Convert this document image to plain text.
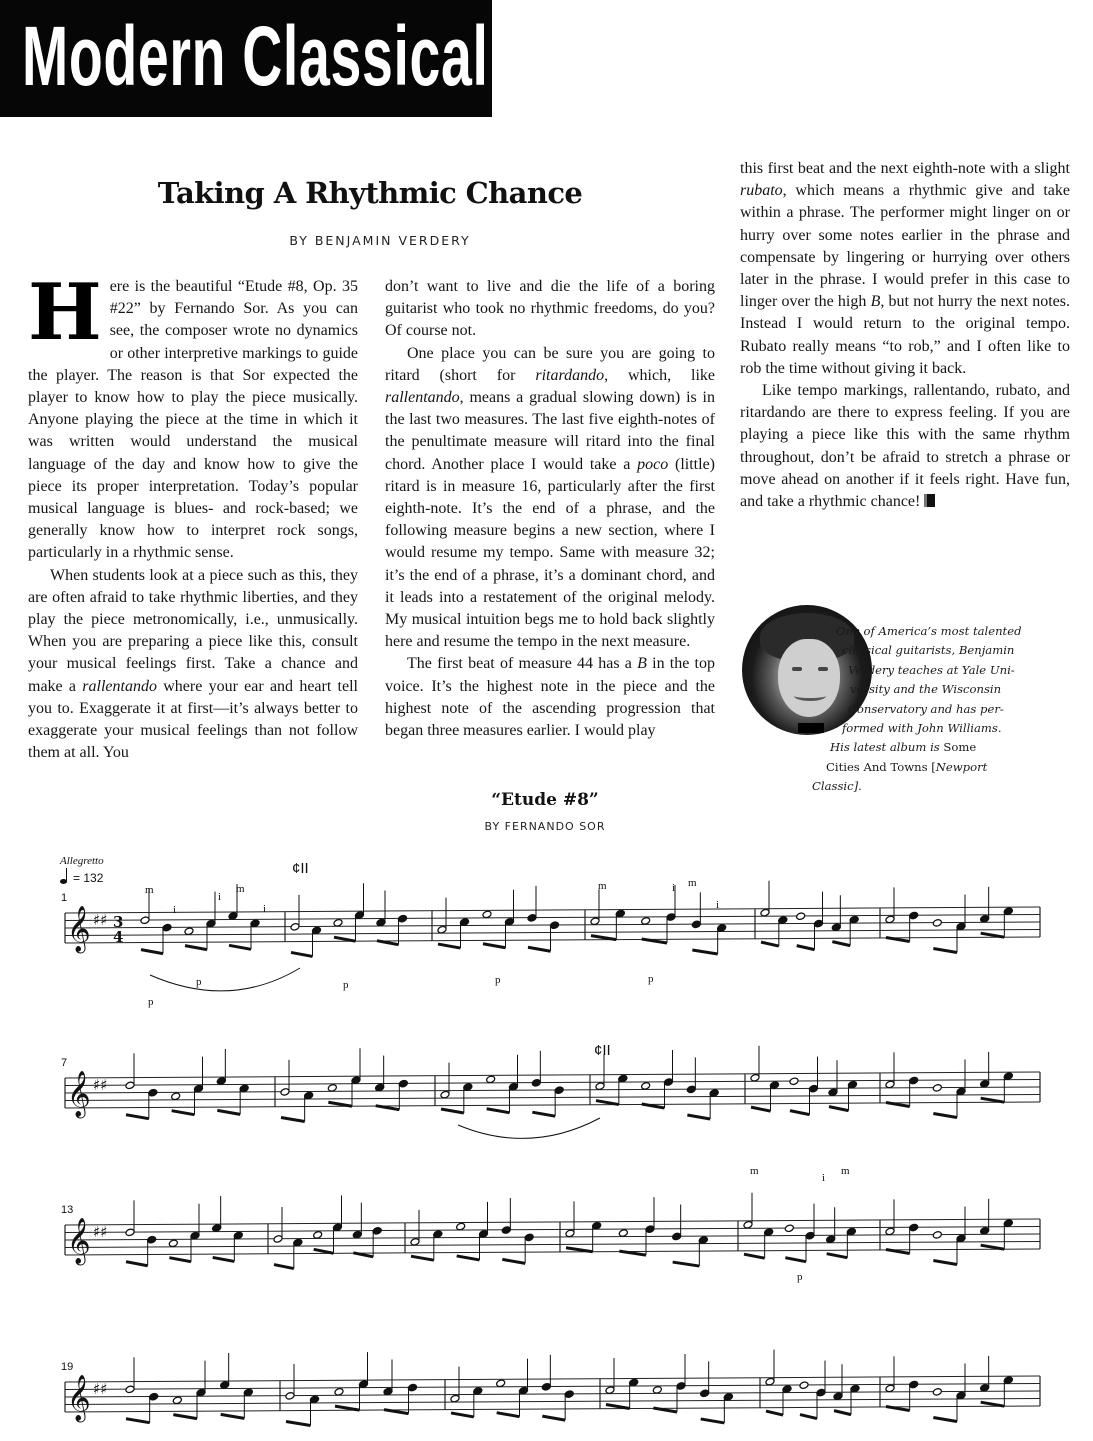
Modern Classical
Taking A Rhythmic Chance
BY BENJAMIN VERDERY

Here is the beautiful “Etude #8, Op. 35 #22” by Fernando Sor. As you can see, the composer wrote no dynamics or other interpretive markings to guide the player. The reason is that Sor expected the player to know how to play the piece musically. Anyone playing the piece at the time in which it was written would understand the musical language of the day and know how to give the piece its proper interpretation. Today’s popular musical language is blues- and rock-based; we generally know how to interpret rock songs, particularly in a rhythmic sense.

When students look at a piece such as this, they are often afraid to take rhythmic liberties, and they play the piece metronomically, i.e., unmusically. When you are preparing a piece like this, consult your musical feelings first. Take a chance and make a rallentando where your ear and heart tell you to. Exaggerate it at first—it’s always better to exaggerate your musical feelings than not follow them at all. You

don’t want to live and die the life of a boring guitarist who took no rhythmic freedoms, do you? Of course not.

One place you can be sure you are going to ritard (short for ritardando, which, like rallentando, means a gradual slowing down) is in the last two measures. The last five eighth-notes of the penultimate measure will ritard into the final chord. Another place I would take a poco (little) ritard is in measure 16, particularly after the first eighth-note. It’s the end of a phrase, and the following measure begins a new section, where I would resume my tempo. Same with measure 32; it’s the end of a phrase, it’s a dominant chord, and it leads into a restatement of the original melody. My musical intuition begs me to hold back slightly here and resume the tempo in the next measure.

The first beat of measure 44 has a B in the top voice. It’s the highest note in the piece and the highest note of the ascending progression that began three measures earlier. I would play

this first beat and the next eighth-note with a slight rubato, which means a rhythmic give and take within a phrase. The performer might linger on or hurry over some notes earlier in the phrase and compensate by lingering or hurrying over others later in the phrase. I would prefer in this case to linger over the high B, but not hurry the next notes. Instead I would return to the original tempo. Rubato really means “to rob,” and I often like to rob the time without giving it back.

Like tempo markings, rallentando, rubato, and ritardando are there to express feeling. If you are playing a piece like this with the same rhythm throughout, don’t be afraid to stretch a phrase or move ahead on another if it feels right. Have fun, and take a rhythmic chance!

One of America’s most talented
classical guitarists, Benjamin
Verdery teaches at Yale Uni-
versity and the Wisconsin
Conservatory and has per-
formed with John Williams.
His latest album is Some
Cities And Towns [Newport
Classic].
“Etude #8”
BY FERNANDO SOR
Allegretto
= 132
¢II
¢II
1
𝄞 ♯♯ 3
4
7
𝄞 ♯♯
13
𝄞 ♯♯
19
𝄞 ♯♯
m
i
i
m
i
m	i m
i
p
p	p	p	p
m
i
m
p
